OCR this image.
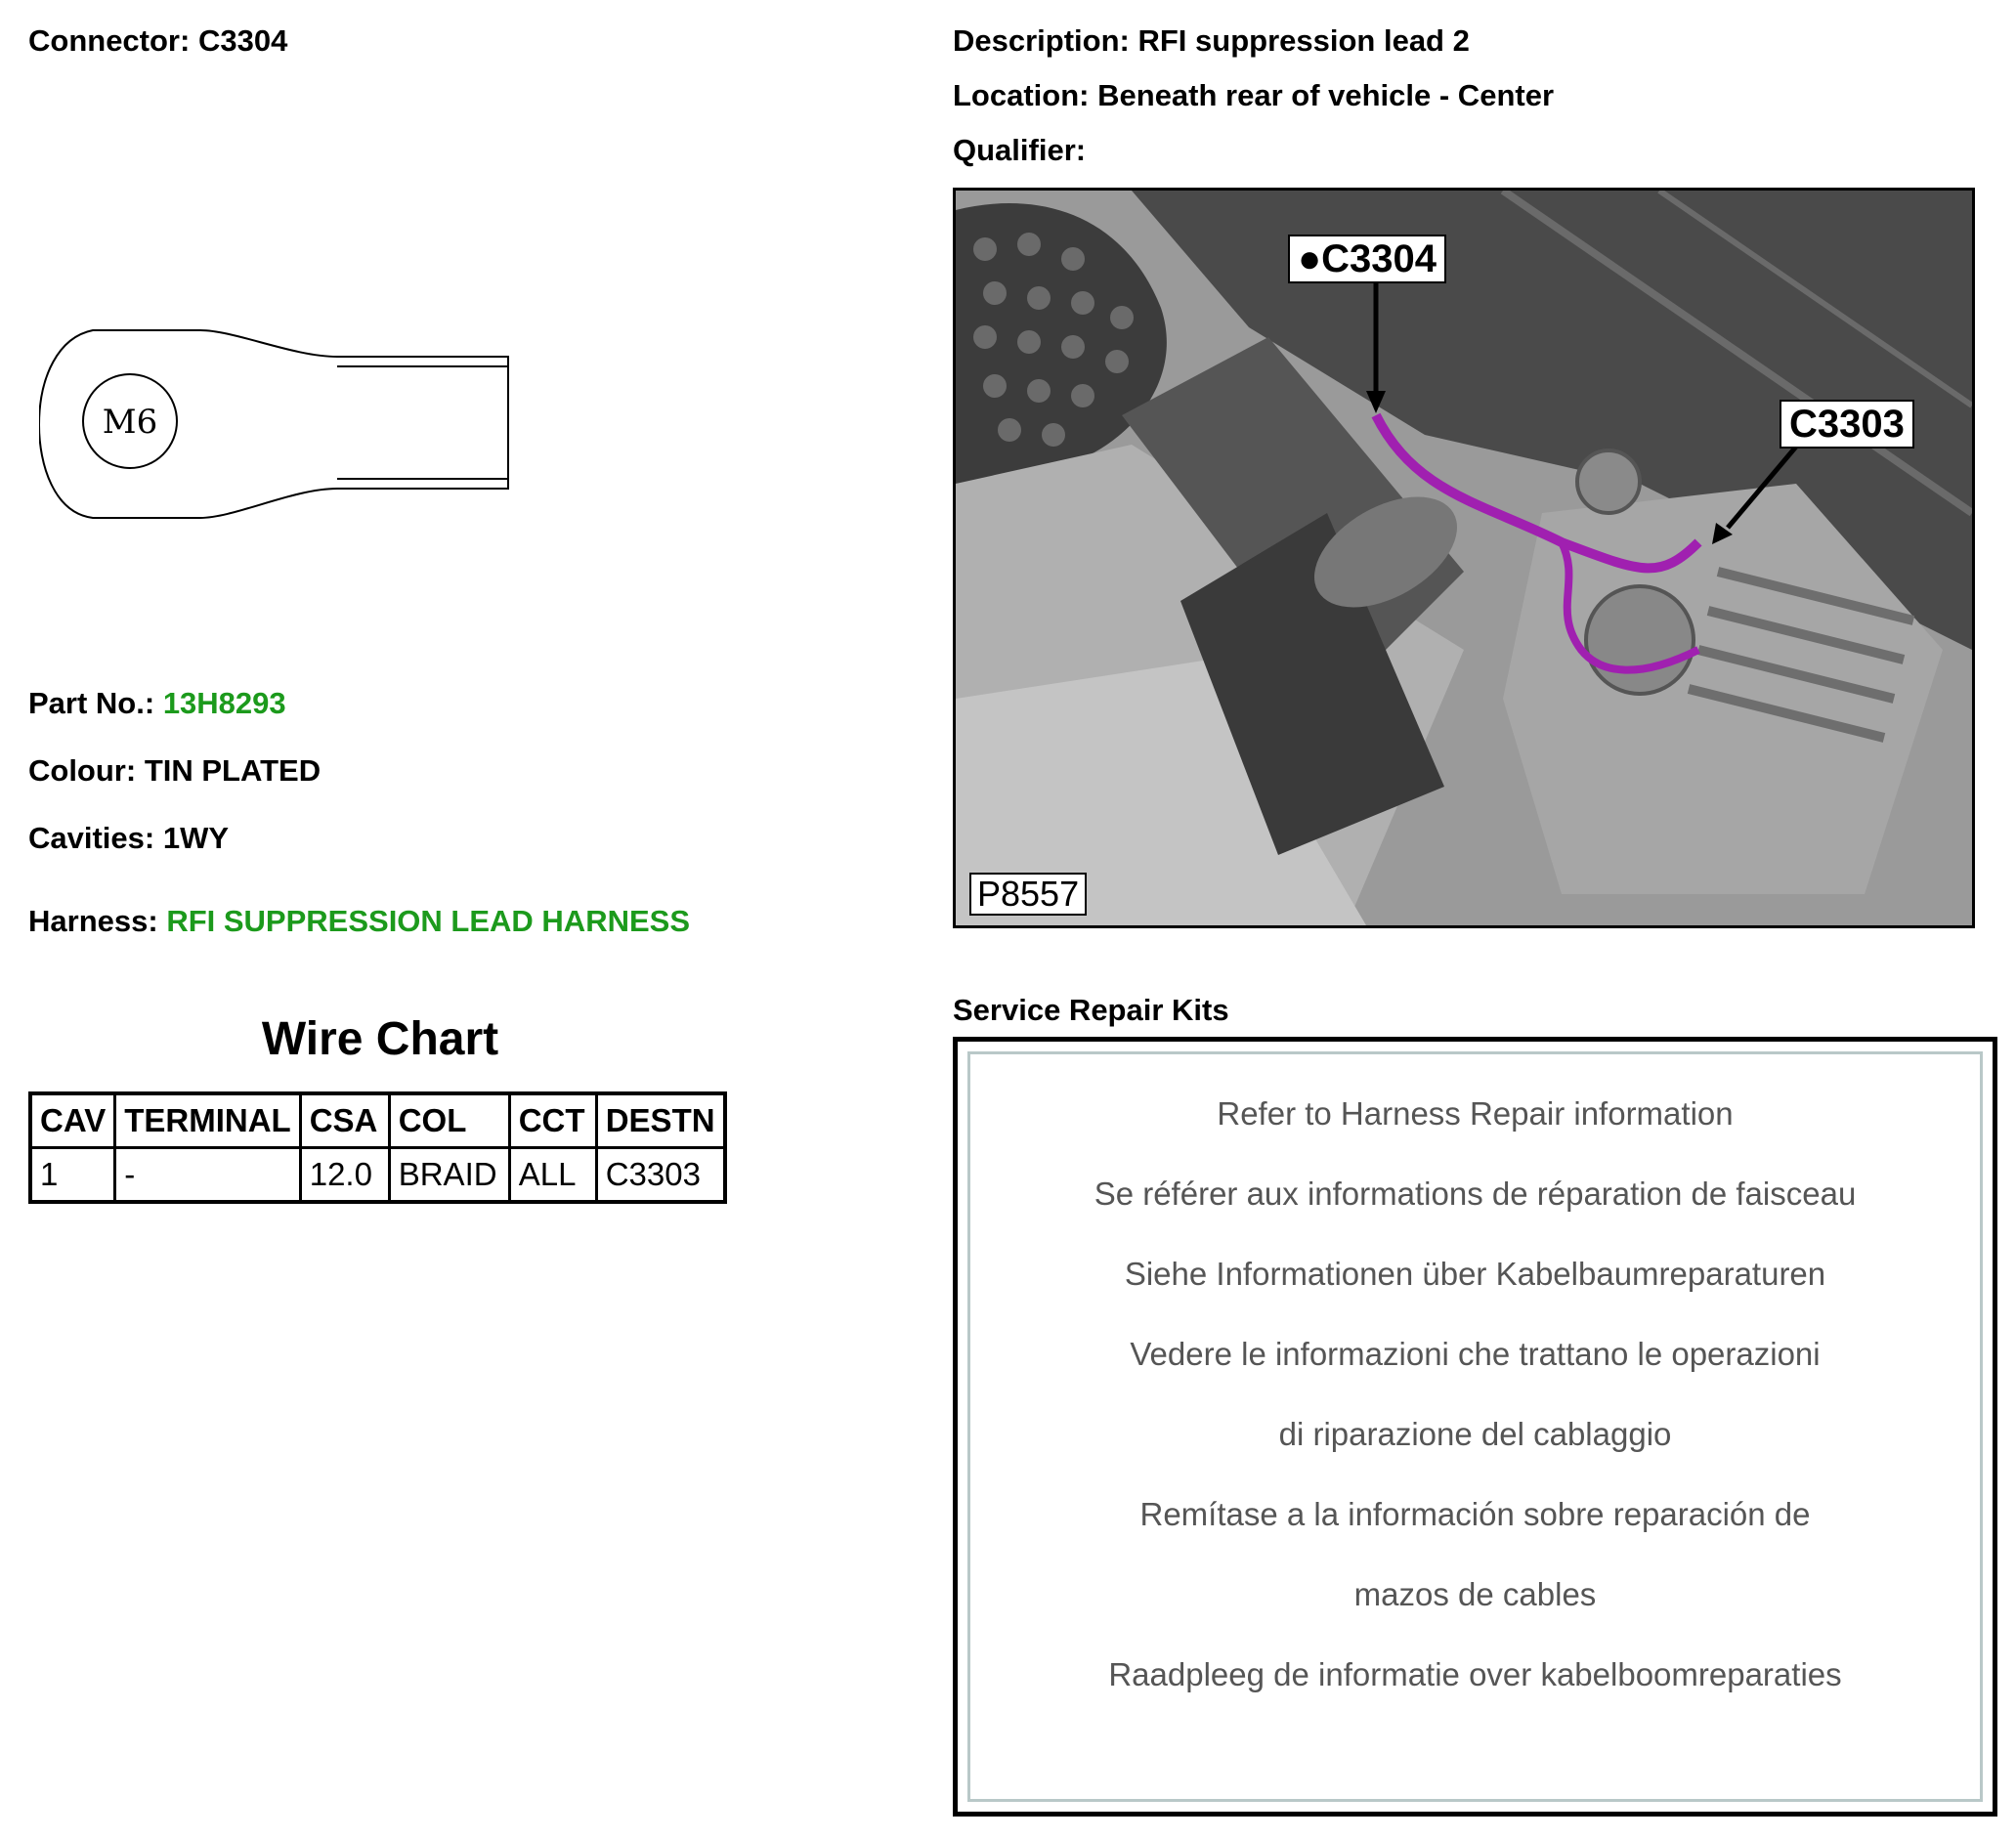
Connector: C3304	Description: RFI suppression lead 2
Location: Beneath rear of vehicle - Center
Qualifier:
M6
Part No.: 13H8293
Colour: TIN PLATED
Cavities: 1WY
Harness: RFI SUPPRESSION LEAD HARNESS
Wire Chart
CAV	TERMINAL	CSA	COL	CCT	DESTN
1	-	12.0	BRAID	ALL	C3303
●C3304
C3303
P8557
Service Repair Kits
Refer to Harness Repair information
Se référer aux informations de réparation de faisceau
Siehe Informationen über Kabelbaumreparaturen
Vedere le informazioni che trattano le operazioni
di riparazione del cablaggio
Remítase a la información sobre reparación de
mazos de cables
Raadpleeg de informatie over kabelboomreparaties
